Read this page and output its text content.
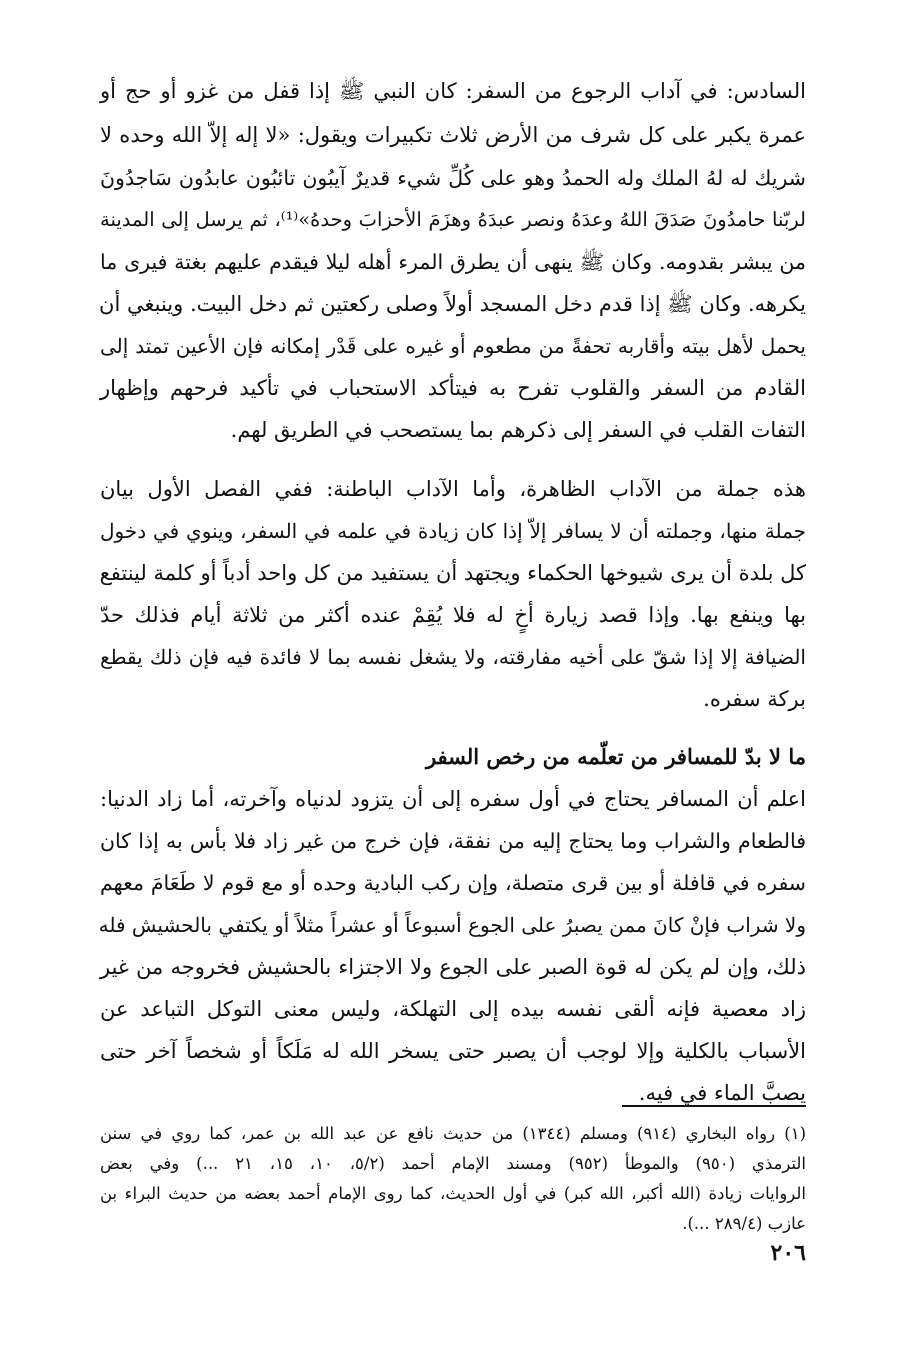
السادس: في آداب الرجوع من السفر: كان النبي ﷺ إذا قفل من غزو أو حج أو
عمرة يكبر على كل شرف من الأرض ثلاث تكبيرات ويقول: «لا إله إلاّ الله وحده لا
شريك له لهُ الملك وله الحمدُ وهو على كُلِّ شيء قديرٌ آيبُون تائبُون عابدُون سَاجدُونَ
لربّنا حامدُونَ صَدَقَ اللهُ وعدَهُ ونصر عبدَهُ وهزَمَ الأحزابَ وحدهُ»⁽¹⁾، ثم يرسل إلى المدينة
من يبشر بقدومه. وكان ﷺ ينهى أن يطرق المرء أهله ليلا فيقدم عليهم بغتة فيرى ما
يكرهه. وكان ﷺ إذا قدم دخل المسجد أولاً وصلى ركعتين ثم دخل البيت. وينبغي أن
يحمل لأهل بيته وأقاربه تحفةً من مطعوم أو غيره على قَدْر إمكانه فإن الأعين تمتد إلى
القادم من السفر والقلوب تفرح به فيتأكد الاستحباب في تأكيد فرحهم وإظهار
التفات القلب في السفر إلى ذكرهم بما يستصحب في الطريق لهم.
هذه جملة من الآداب الظاهرة، وأما الآداب الباطنة: ففي الفصل الأول بيان
جملة منها، وجملته أن لا يسافر إلاّ إذا كان زيادة في علمه في السفر، وينوي في دخول
كل بلدة أن يرى شيوخها الحكماء ويجتهد أن يستفيد من كل واحد أدباً أو كلمة لينتفع
بها وينفع بها. وإذا قصد زيارة أخٍ له فلا يُقِمْ عنده أكثر من ثلاثة أيام فذلك حدّ
الضيافة إلا إذا شقّ على أخيه مفارقته، ولا يشغل نفسه بما لا فائدة فيه فإن ذلك يقطع
بركة سفره.
ما لا بدّ للمسافر من تعلّمه من رخص السفر
اعلم أن المسافر يحتاج في أول سفره إلى أن يتزود لدنياه وآخرته، أما زاد الدنيا:
فالطعام والشراب وما يحتاج إليه من نفقة، فإن خرج من غير زاد فلا بأس به إذا كان
سفره في قافلة أو بين قرى متصلة، وإن ركب البادية وحده أو مع قوم لا طَعَامَ معهم
ولا شراب فإنْ كانَ ممن يصبرُ على الجوع أسبوعاً أو عشراً مثلاً أو يكتفي بالحشيش فله
ذلك، وإن لم يكن له قوة الصبر على الجوع ولا الاجتزاء بالحشيش فخروجه من غير
زاد معصية فإنه ألقى نفسه بيده إلى التهلكة، وليس معنى التوكل التباعد عن
الأسباب بالكلية وإلا لوجب أن يصبر حتى يسخر الله له مَلَكاً أو شخصاً آخر حتى
يصبَّ الماء في فيه.
(١) رواه البخاري (٩١٤) ومسلم (١٣٤٤) من حديث نافع عن عبد الله بن عمر، كما روي في سنن
الترمذي (٩٥٠) والموطأ (٩٥٢) ومسند الإمام أحمد (٥/٢، ١٠، ١٥، ٢١ ...) وفي بعض
الروايات زيادة (الله أكبر، الله كبر) في أول الحديث، كما روى الإمام أحمد بعضه من حديث البراء بن
عازب (٢٨٩/٤ ...).
٢٠٦
